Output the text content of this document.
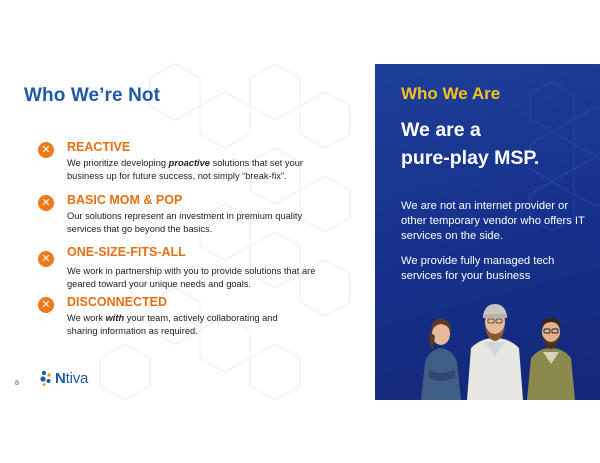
Who We’re Not
✕ REACTIVE
We prioritize developing proactive solutions that set your business up for future success, not simply “break-fix”.
✕ BASIC MOM & POP
Our solutions represent an investment in premium quality services that go beyond the basics.
✕ ONE-SIZE-FITS-ALL
We work in partnership with you to provide solutions that are geared toward your unique needs and goals.
✕ DISCONNECTED
We work with your team, actively collaborating and sharing information as required.
8 Ntiva
Who We Are
We are a
pure-play MSP.
We are not an internet provider or other temporary vendor who offers IT services on the side.
We provide fully managed tech services for your business
